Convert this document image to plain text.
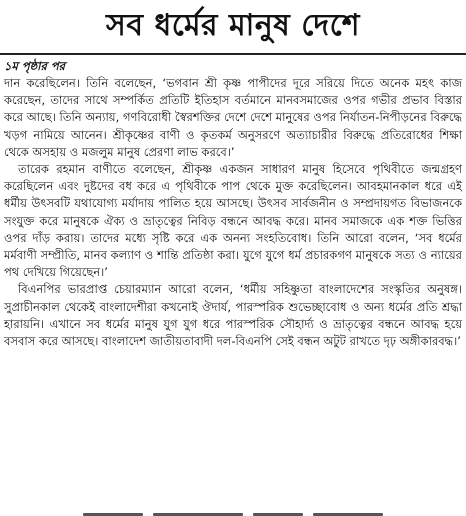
সব ধর্মের মানুষ দেশে
১ম পৃষ্ঠার পর

দান করেছিলেন। তিনি বলেছেন, ‘ভগবান শ্রী কৃষ্ণ পাপীদের দূরে সরিয়ে দিতে অনেক মহৎ কাজ করেছেন, তাদের সাথে সম্পর্কিত প্রতিটি ইতিহাস বর্তমানে মানবসমাজের ওপর গভীর প্রভাব বিস্তার করে আছে। তিনি অন্যায়, গণবিরোধী স্বৈরশক্তির দেশে দেশে মানুষের ওপর নির্যাতন-নিপীড়নের বিরুদ্ধে খড়গ নামিয়ে আনেন। শ্রীকৃষ্ণের বাণী ও কৃতকর্ম অনুসরণে অত্যাচারীর বিরুদ্ধে প্রতিরোধের শিক্ষা থেকে অসহায় ও মজলুম মানুষ প্রেরণা লাভ করবে।’

তারেক রহমান বাণীতে বলেছেন, শ্রীকৃষ্ণ একজন সাধারণ মানুষ হিসেবে পৃথিবীতে জন্মগ্রহণ করেছিলেন এবং দুষ্টদের বধ করে এ পৃথিবীকে পাপ থেকে মুক্ত করেছিলেন। আবহমানকাল ধরে এই ধর্মীয় উৎসবটি যথাযোগ্য মর্যাদায় পালিত হয়ে আসছে। উৎসব সার্বজনীন ও সম্প্রদায়গত বিভাজনকে সংযুক্ত করে মানুষকে ঐক্য ও ভ্রাতৃত্বের নিবিড় বন্ধনে আবদ্ধ করে। মানব সমাজকে এক শক্ত ভিত্তির ওপর দাঁড় করায়। তাদের মধ্যে সৃষ্টি করে এক অনন্য সংহতিবোধ। তিনি আরো বলেন, ‘সব ধর্মের মর্মবাণী সম্প্রীতি, মানব কল্যাণ ও শান্তি প্রতিষ্ঠা করা। যুগে যুগে ধর্ম প্রচারকগণ মানুষকে সত্য ও ন্যায়ের পথ দেখিয়ে গিয়েছেন।’

বিএনপির ভারপ্রাপ্ত চেয়ারম্যান আরো বলেন, ‘ধর্মীয় সহিষ্ণুতা বাংলাদেশের সংস্কৃতির অনুষঙ্গ। সুপ্রাচীনকাল থেকেই বাংলাদেশীরা কখনোই ঔদার্য, পারস্পরিক শুভেচ্ছাবোধ ও অন্য ধর্মের প্রতি শ্রদ্ধা হারায়নি। এখানে সব ধর্মের মানুষ যুগ যুগ ধরে পারস্পরিক সৌহার্দ্য ও ভ্রাতৃত্বের বন্ধনে আবদ্ধ হয়ে বসবাস করে আসছে। বাংলাদেশ জাতীয়তাবাদী দল-বিএনপি সেই বন্ধন অটুট রাখতে দৃঢ় অঙ্গীকারবদ্ধ।’
